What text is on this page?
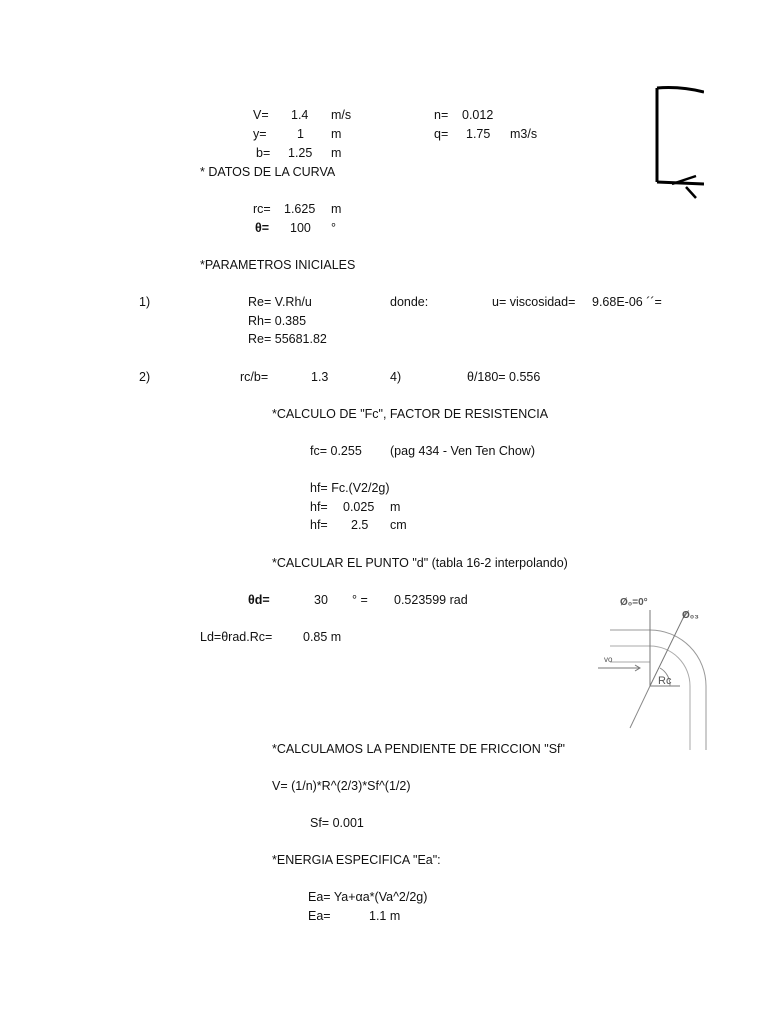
V= 1.4 m/s	n= 0.012
y= 1 m	q= 1.75 m3/s
b= 1.25 m
* DATOS DE LA CURVA
rc= 1.625 m
θ= 100 °
*PARAMETROS INICIALES
1)	Re= V.Rh/u	donde:	u= viscosidad= 9.68E-06 ´´=
Rh= 0.385
Re= 55681.82
2)	rc/b=	1.3	4)	θ/180= 0.556
*CALCULO DE "Fc", FACTOR DE RESISTENCIA
fc= 0.255 (pag 434 - Ven Ten Chow)
hf= Fc.(V2/2g)
hf= 0.025 m
hf= 2.5 cm
*CALCULAR EL PUNTO "d" (tabla 16-2 interpolando)
θd=	30 ° = 0.523599 rad
Ld=θrad.Rc= 0.85 m
*CALCULAMOS LA PENDIENTE DE FRICCION "Sf"
V= (1/n)*R^(2/3)*Sf^(1/2)
Sf= 0.001
*ENERGIA ESPECIFICA "Ea":
Ea= Ya+αa*(Va^2/2g)
Ea=	1.1 m
Ø₀=0°
Ø₀₃
vo
Rc
